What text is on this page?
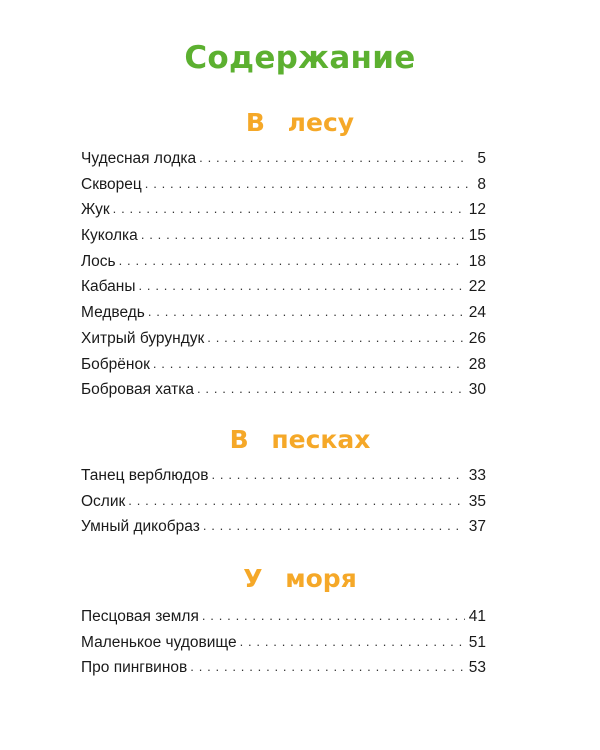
Содержание
В лесу
Чудесная лодка . . .	5
Скворец . . .	8
Жук . . .	12
Куколка . . .	15
Лось . . .	18
Кабаны . . .	22
Медведь . . .	24
Хитрый бурундук . . .	26
Бобрёнок . . .	28
Бобровая хатка . . .	30
В песках
Танец верблюдов . . .	33
Ослик . . .	35
Умный дикобраз . . .	37
У моря
Песцовая земля . . .	41
Маленькое чудовище . . .	51
Про пингвинов . . .	53
